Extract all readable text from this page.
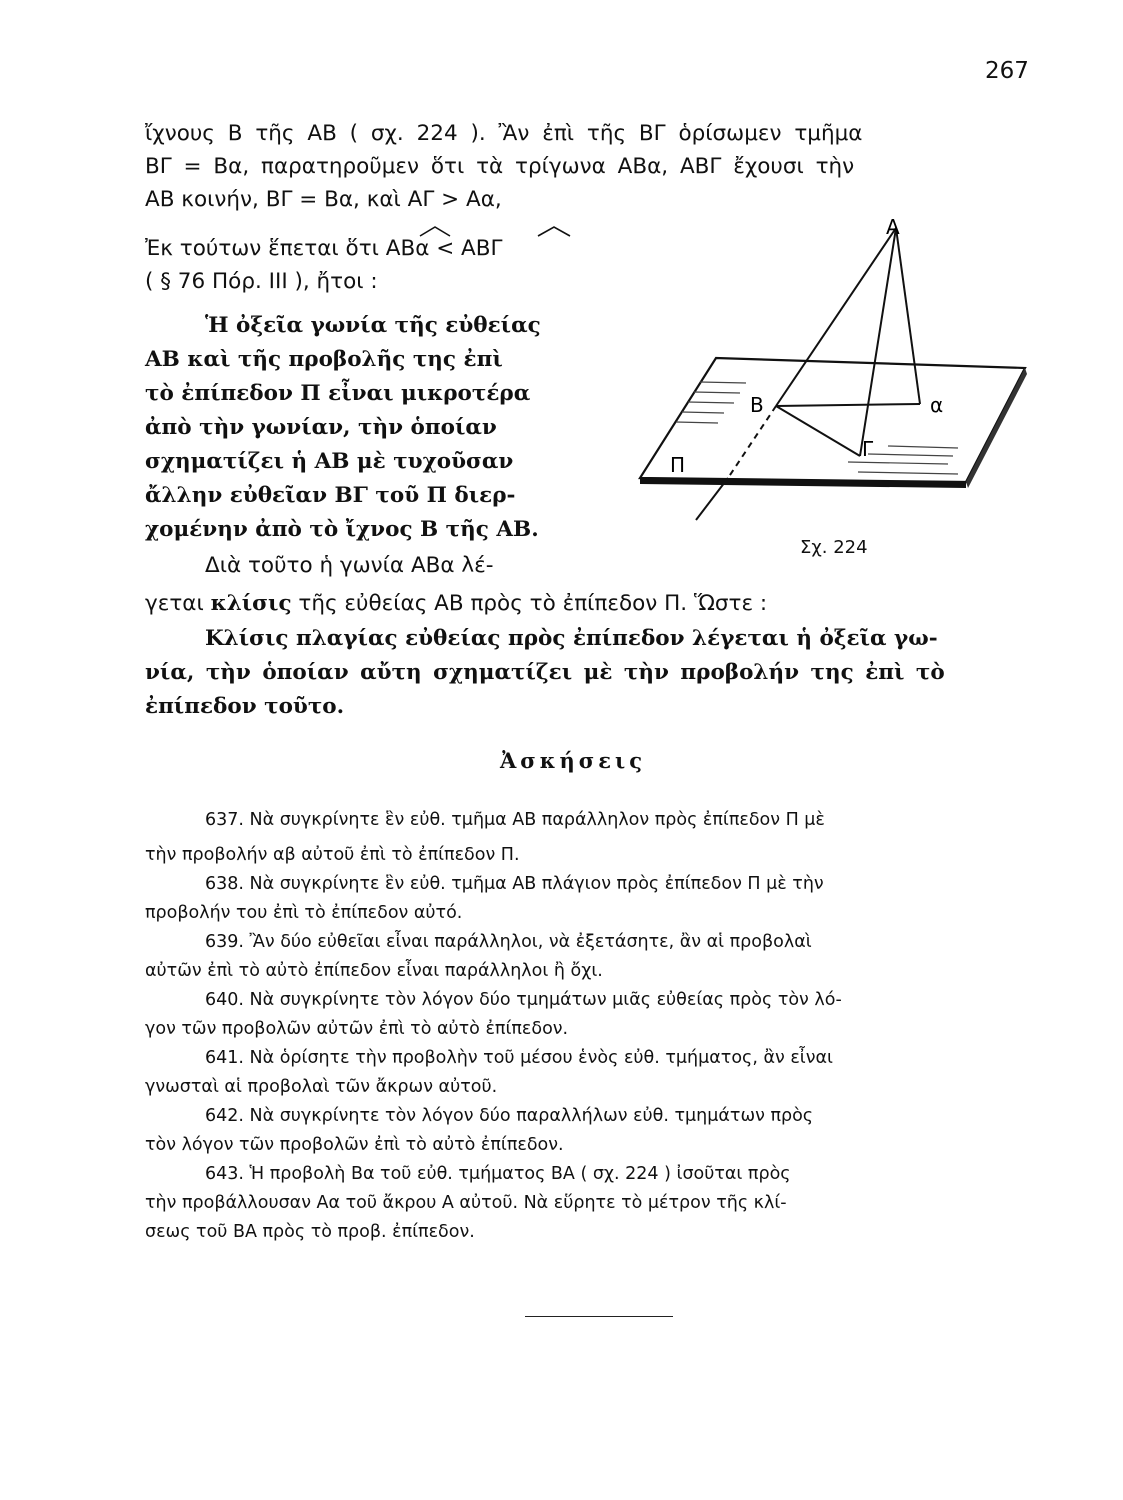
267
ἴχνους Β τῆς ΑΒ ( σχ. 224 ). Ἂν ἐπὶ τῆς ΒΓ ὁρίσωμεν τμῆμα
ΒΓ = Βα, παρατηροῦμεν ὅτι τὰ τρίγωνα ΑΒα, ΑΒΓ ἔχουσι τὴν
ΑΒ κοινήν, ΒΓ = Βα, καὶ ΑΓ > Αα,
Ἐκ τούτων ἕπεται ὅτι ΑΒα < ΑΒΓ
( § 76 Πόρ. ΙΙΙ ), ἤτοι :
Ἡ ὀξεῖα γωνία τῆς εὐθείας
ΑΒ καὶ τῆς προβολῆς της ἐπὶ
τὸ ἐπίπεδον Π εἶναι μικροτέρα
ἀπὸ τὴν γωνίαν, τὴν ὁποίαν
σχηματίζει ἡ ΑΒ μὲ τυχοῦσαν
ἄλλην εὐθεῖαν ΒΓ τοῦ Π διερ-
χομένην ἀπὸ τὸ ἴχνος Β τῆς ΑΒ.
Διὰ τοῦτο ἡ γωνία ΑΒα λέ-
γεται κλίσις τῆς εὐθείας ΑΒ πρὸς τὸ ἐπίπεδον Π. Ὥστε :
Κλίσις πλαγίας εὐθείας πρὸς ἐπίπεδον λέγεται ἡ ὀξεῖα γω-
νία, τὴν ὁποίαν αὔτη σχηματίζει μὲ τὴν προβολήν της ἐπὶ τὸ
ἐπίπεδον τοῦτο.
Ἀσκήσεις
637. Νὰ συγκρίνητε ἓν εὐθ. τμῆμα ΑΒ παράλληλον πρὸς ἐπίπεδον Π μὲ
τὴν προβολήν αβ αὐτοῦ ἐπὶ τὸ ἐπίπεδον Π.
638. Νὰ συγκρίνητε ἓν εὐθ. τμῆμα ΑΒ πλάγιον πρὸς ἐπίπεδον Π μὲ τὴν
προβολήν του ἐπὶ τὸ ἐπίπεδον αὐτό.
639. Ἂν δύο εὐθεῖαι εἶναι παράλληλοι, νὰ ἐξετάσητε, ἂν αἱ προβολαὶ
αὐτῶν ἐπὶ τὸ αὐτὸ ἐπίπεδον εἶναι παράλληλοι ἢ ὄχι.
640. Νὰ συγκρίνητε τὸν λόγον δύο τμημάτων μιᾶς εὐθείας πρὸς τὸν λό-
γον τῶν προβολῶν αὐτῶν ἐπὶ τὸ αὐτὸ ἐπίπεδον.
641. Νὰ ὁρίσητε τὴν προβολὴν τοῦ μέσου ἑνὸς εὐθ. τμήματος, ἂν εἶναι
γνωσταὶ αἱ προβολαὶ τῶν ἄκρων αὐτοῦ.
642. Νὰ συγκρίνητε τὸν λόγον δύο παραλλήλων εὐθ. τμημάτων πρὸς
τὸν λόγον τῶν προβολῶν ἐπὶ τὸ αὐτὸ ἐπίπεδον.
643. Ἡ προβολὴ Βα τοῦ εὐθ. τμήματος ΒΑ ( σχ. 224 ) ἰσοῦται πρὸς
τὴν προβάλλουσαν Αα τοῦ ἄκρου Α αὐτοῦ. Νὰ εὕρητε τὸ μέτρον τῆς κλί-
σεως τοῦ ΒΑ πρὸς τὸ προβ. ἐπίπεδον.
Α
Β	α
Γ
Π
Σχ. 224
